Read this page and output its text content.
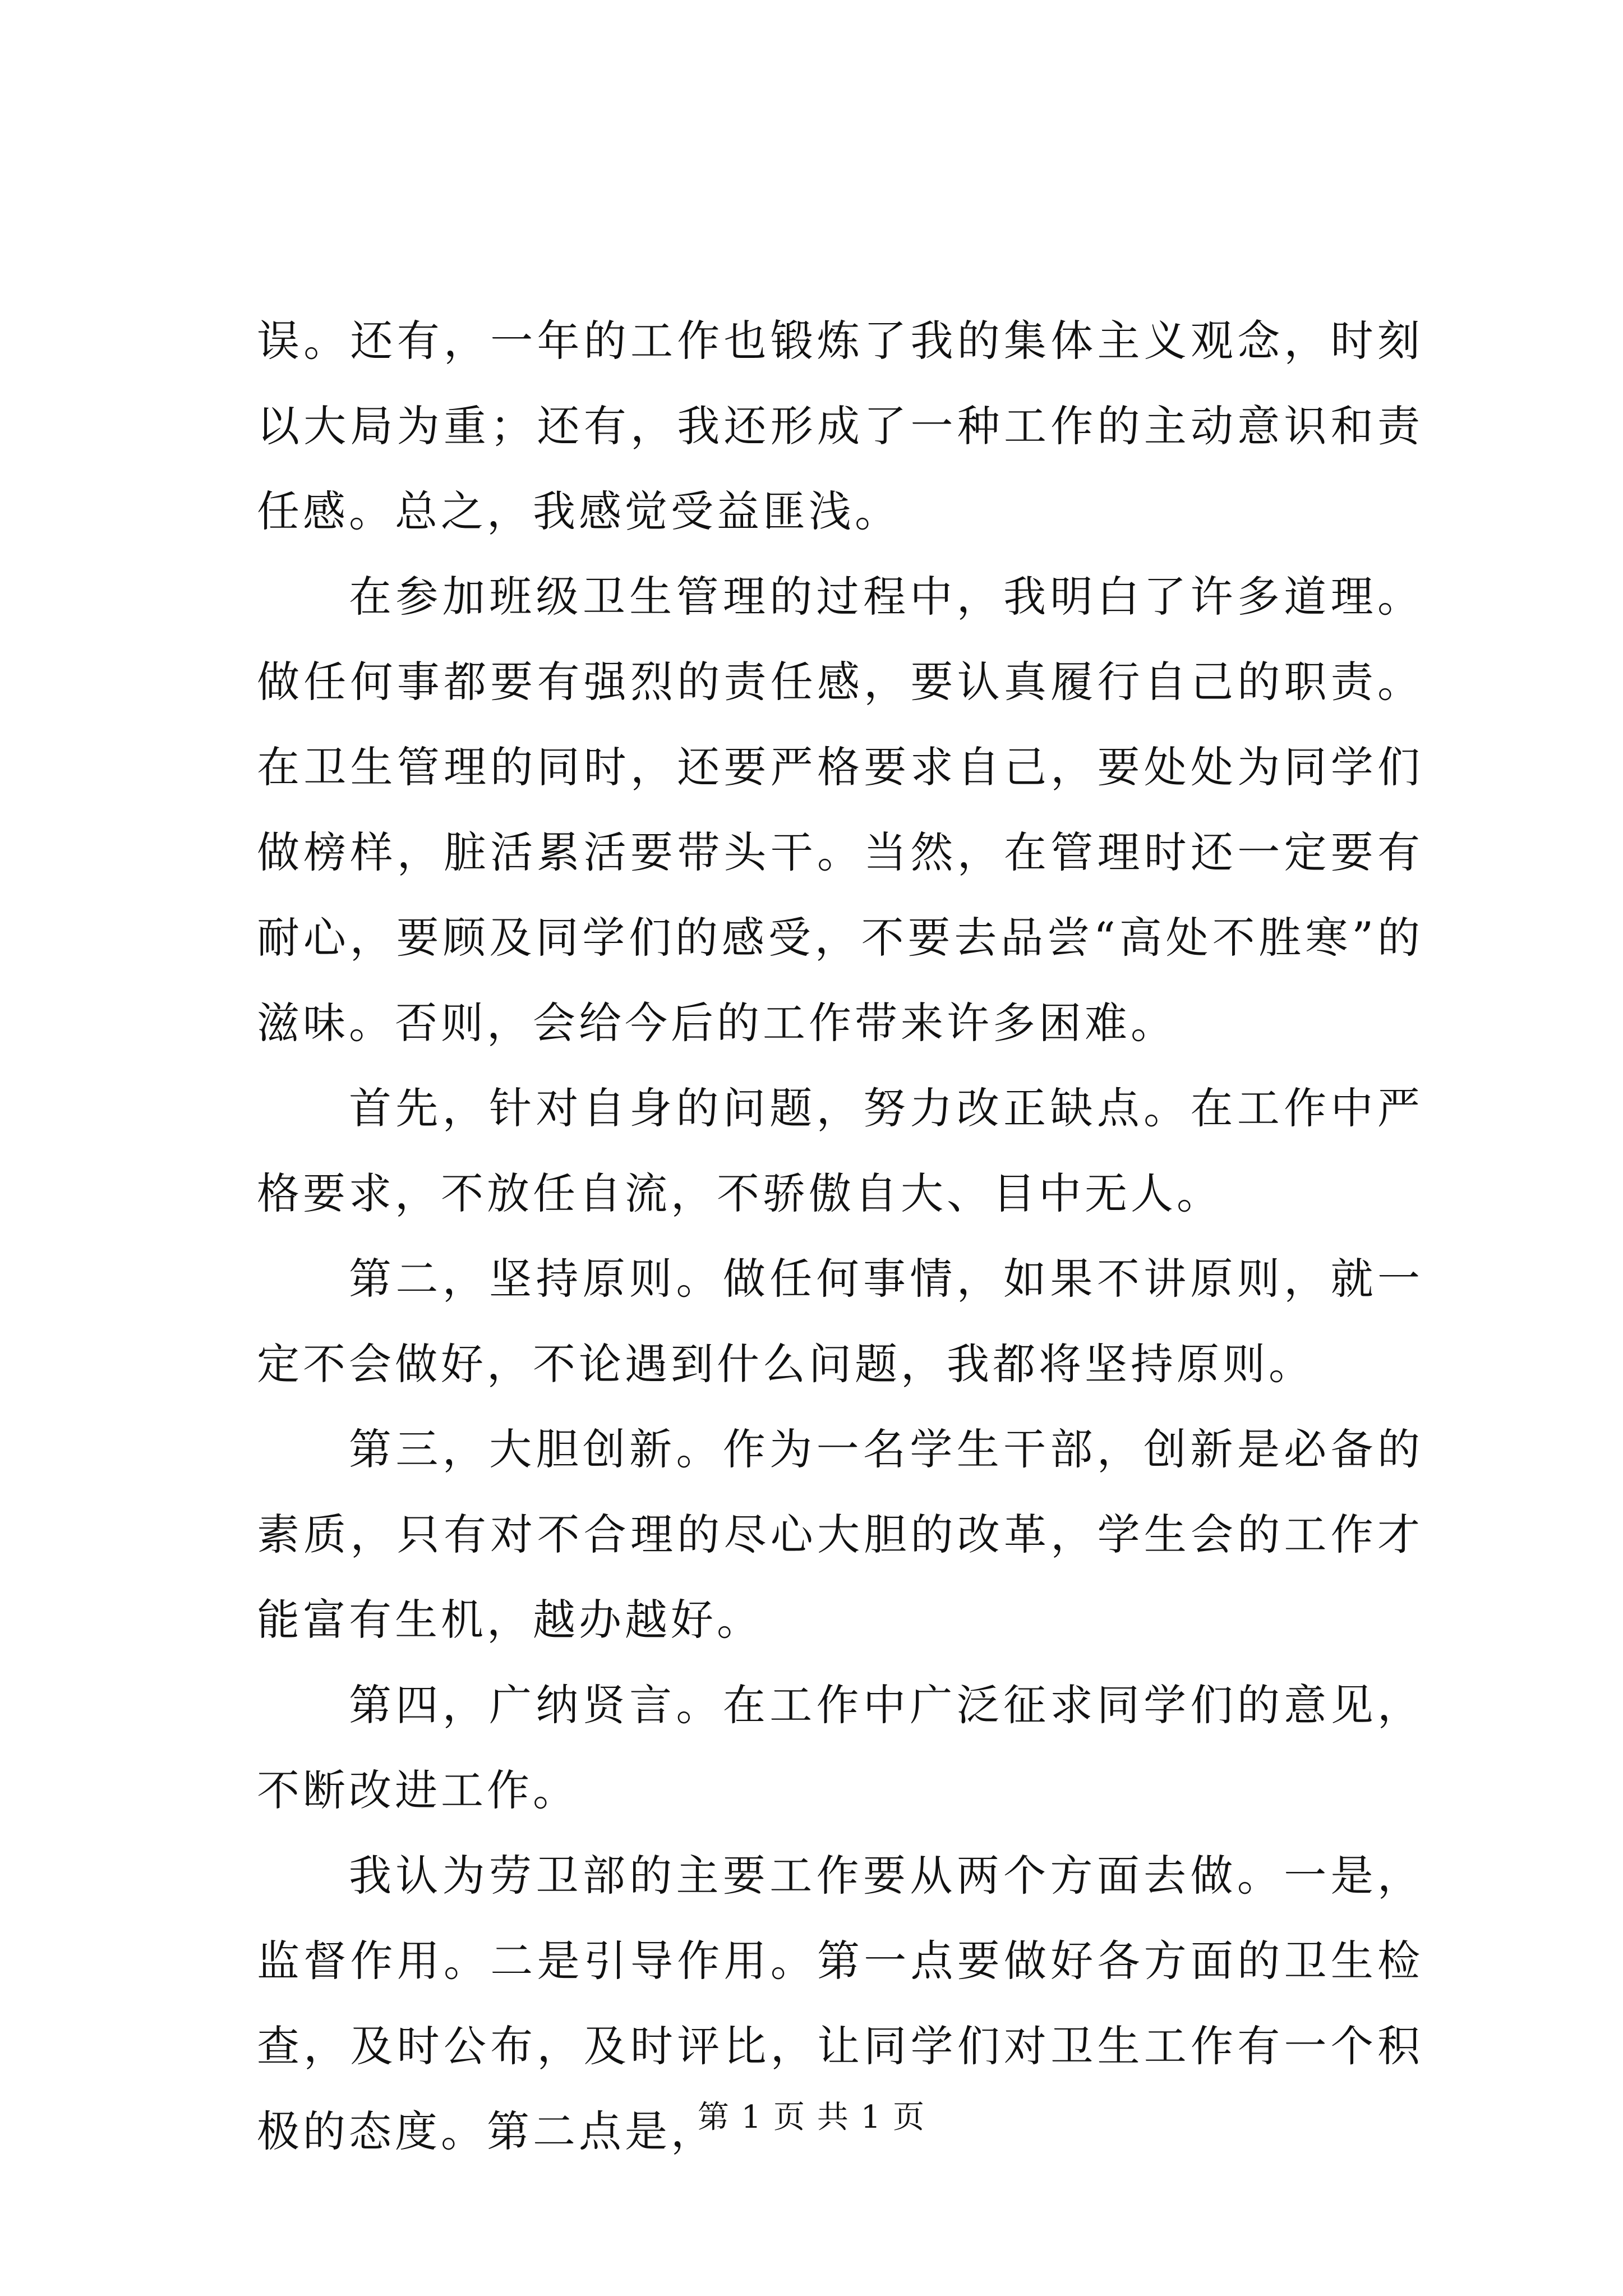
误。还有，一年的工作也锻炼了我的集体主义观念，时刻以大局为重；还有，我还形成了一种工作的主动意识和责任感。总之，我感觉受益匪浅。

在参加班级卫生管理的过程中，我明白了许多道理。做任何事都要有强烈的责任感，要认真履行自己的职责。在卫生管理的同时，还要严格要求自己，要处处为同学们做榜样，脏活累活要带头干。当然，在管理时还一定要有耐心，要顾及同学们的感受，不要去品尝“高处不胜寒”的滋味。否则，会给今后的工作带来许多困难。

首先，针对自身的问题，努力改正缺点。在工作中严格要求，不放任自流，不骄傲自大、目中无人。

第二，坚持原则。做任何事情，如果不讲原则，就一定不会做好，不论遇到什么问题，我都将坚持原则。

第三，大胆创新。作为一名学生干部，创新是必备的素质，只有对不合理的尽心大胆的改革，学生会的工作才能富有生机，越办越好。

第四，广纳贤言。在工作中广泛征求同学们的意见，不断改进工作。

我认为劳卫部的主要工作要从两个方面去做。一是，监督作用。二是引导作用。第一点要做好各方面的卫生检查，及时公布，及时评比，让同学们对卫生工作有一个积极的态度。第二点是，

第 1 页 共 1 页
